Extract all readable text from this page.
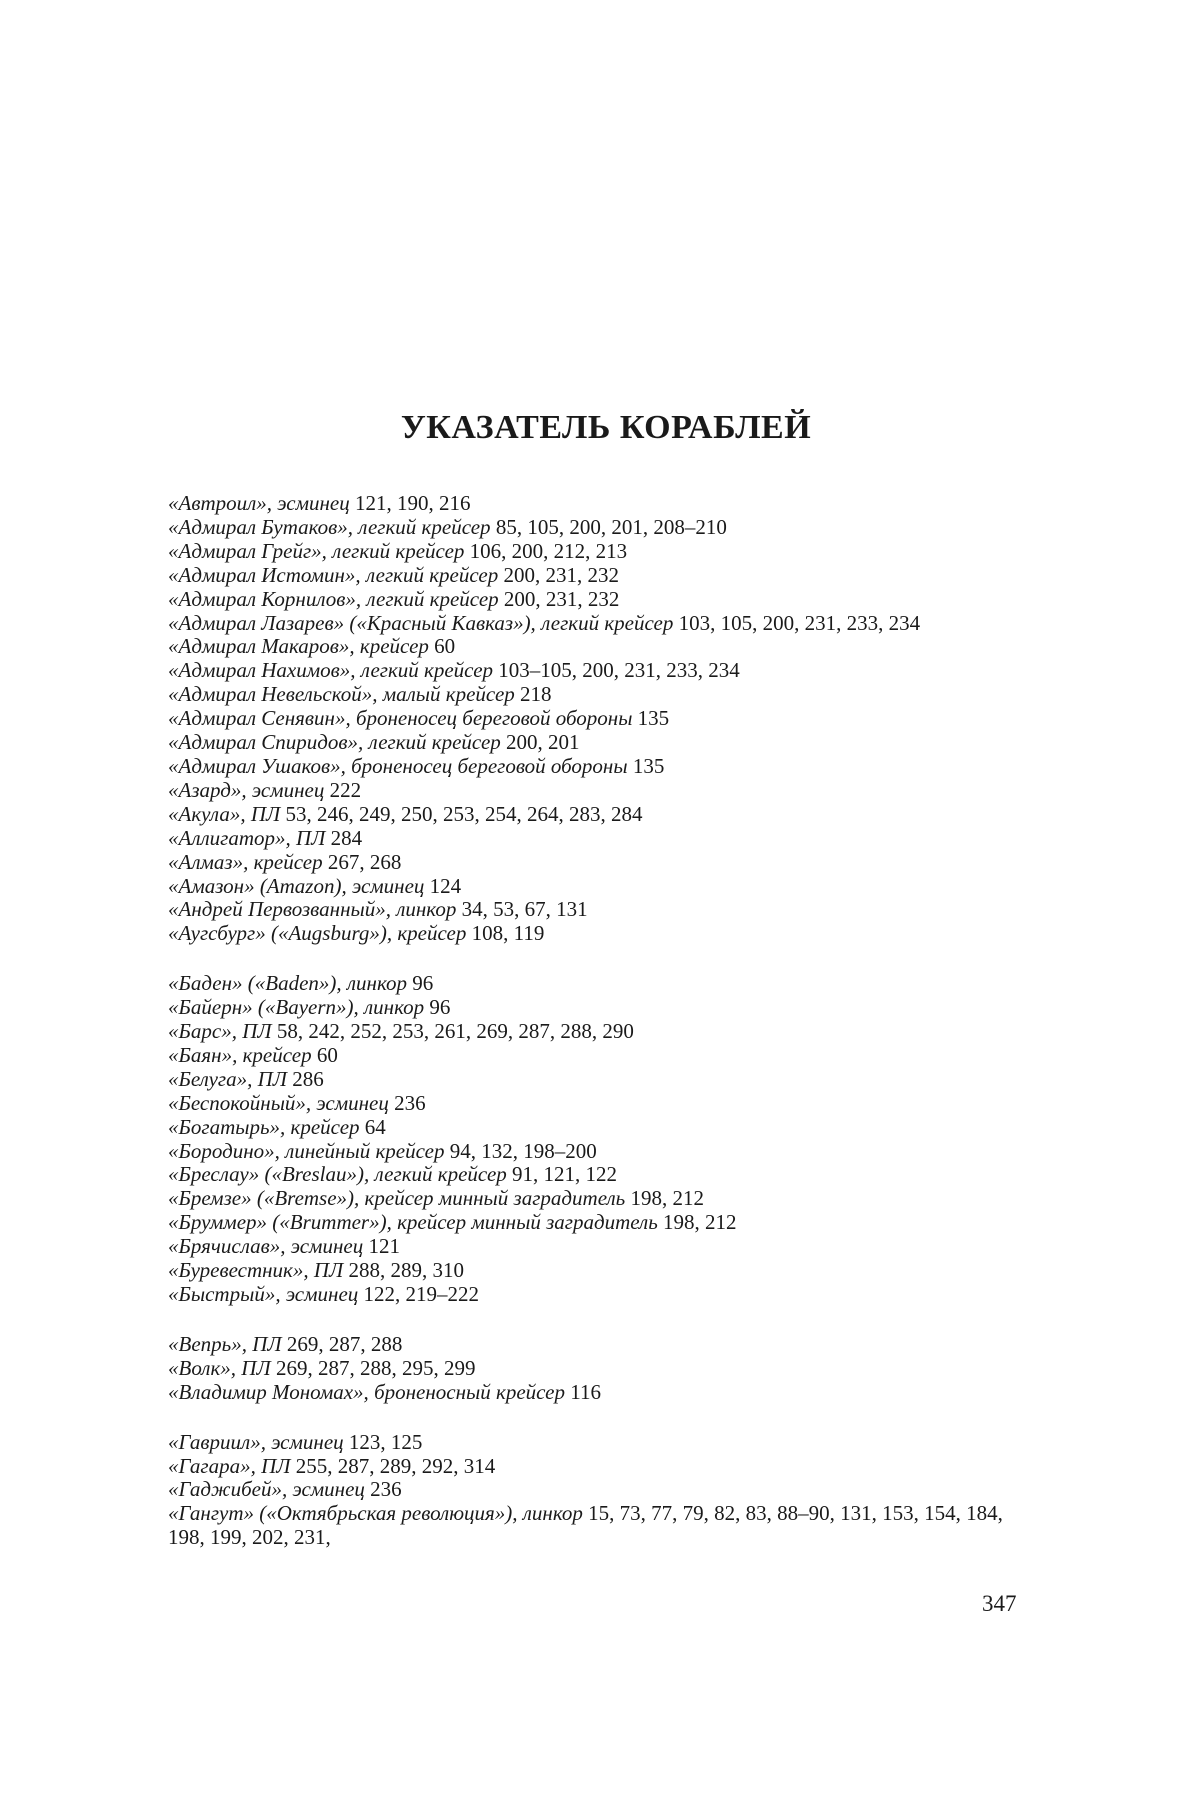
УКАЗАТЕЛЬ КОРАБЛЕЙ
«Автроил», эсминец 121, 190, 216
«Адмирал Бутаков», легкий крейсер 85, 105, 200, 201, 208–210
«Адмирал Грейг», легкий крейсер 106, 200, 212, 213
«Адмирал Истомин», легкий крейсер 200, 231, 232
«Адмирал Корнилов», легкий крейсер 200, 231, 232
«Адмирал Лазарев» («Красный Кавказ»), легкий крейсер 103, 105, 200, 231, 233, 234
«Адмирал Макаров», крейсер 60
«Адмирал Нахимов», легкий крейсер 103–105, 200, 231, 233, 234
«Адмирал Невельской», малый крейсер 218
«Адмирал Сенявин», броненосец береговой обороны 135
«Адмирал Спиридов», легкий крейсер 200, 201
«Адмирал Ушаков», броненосец береговой обороны 135
«Азард», эсминец 222
«Акула», ПЛ 53, 246, 249, 250, 253, 254, 264, 283, 284
«Аллигатор», ПЛ 284
«Алмаз», крейсер 267, 268
«Амазон» (Amazon), эсминец 124
«Андрей Первозванный», линкор 34, 53, 67, 131
«Аугсбург» («Augsburg»), крейсер 108, 119
«Баден» («Baden»), линкор 96
«Байерн» («Bayern»), линкор 96
«Барс», ПЛ 58, 242, 252, 253, 261, 269, 287, 288, 290
«Баян», крейсер 60
«Белуга», ПЛ 286
«Беспокойный», эсминец 236
«Богатырь», крейсер 64
«Бородино», линейный крейсер 94, 132, 198–200
«Бреслау» («Breslau»), легкий крейсер 91, 121, 122
«Бремзе» («Bremse»), крейсер минный заградитель 198, 212
«Бруммер» («Brummer»), крейсер минный заградитель 198, 212
«Брячислав», эсминец 121
«Буревестник», ПЛ 288, 289, 310
«Быстрый», эсминец 122, 219–222
«Вепрь», ПЛ 269, 287, 288
«Волк», ПЛ 269, 287, 288, 295, 299
«Владимир Мономах», броненосный крейсер 116
«Гавриил», эсминец 123, 125
«Гагара», ПЛ 255, 287, 289, 292, 314
«Гаджибей», эсминец 236
«Гангут» («Октябрьская революция»), линкор 15, 73, 77, 79, 82, 83, 88–90, 131, 153, 154, 184, 198, 199, 202, 231,
347
